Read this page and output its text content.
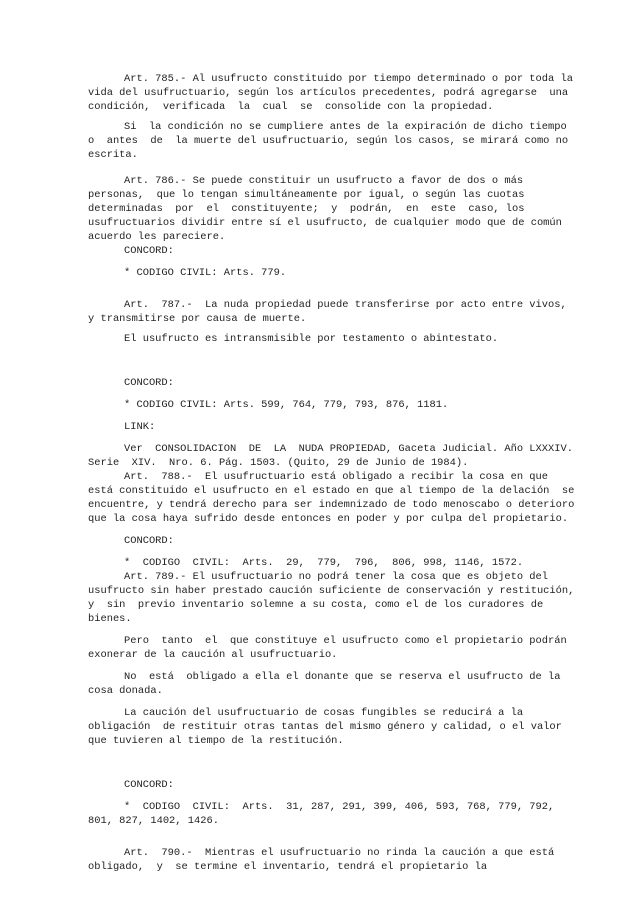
Art. 785.- Al usufructo constituido por tiempo determinado o por toda la
vida del usufructuario, según los artículos precedentes, podrá agregarse  una
condición,  verificada  la  cual  se  consolide con la propiedad.
Si  la condición no se cumpliere antes de la expiración de dicho tiempo
o  antes  de  la muerte del usufructuario, según los casos, se mirará como no
escrita.
Art. 786.- Se puede constituir un usufructo a favor de dos o más
personas,  que lo tengan simultáneamente por igual, o según las cuotas
determinadas  por  el  constituyente;  y  podrán,  en  este  caso, los
usufructuarios dividir entre sí el usufructo, de cualquier modo que de común
acuerdo les pareciere.
CONCORD:
* CODIGO CIVIL: Arts. 779.
Art.  787.-  La nuda propiedad puede transferirse por acto entre vivos,
y transmitirse por causa de muerte.
El usufructo es intransmisible por testamento o abintestato.
CONCORD:
* CODIGO CIVIL: Arts. 599, 764, 779, 793, 876, 1181.
LINK:
Ver  CONSOLIDACION  DE  LA  NUDA PROPIEDAD, Gaceta Judicial. Año LXXXIV.
Serie  XIV.  Nro. 6. Pág. 1503. (Quito, 29 de Junio de 1984).
Art.  788.-  El usufructuario está obligado a recibir la cosa en que
está constituido el usufructo en el estado en que al tiempo de la delación  se
encuentre, y tendrá derecho para ser indemnizado de todo menoscabo o deterioro
que la cosa haya sufrido desde entonces en poder y por culpa del propietario.
CONCORD:
*  CODIGO  CIVIL:  Arts.  29,  779,  796,  806, 998, 1146, 1572.
Art. 789.- El usufructuario no podrá tener la cosa que es objeto del
usufructo sin haber prestado caución suficiente de conservación y restitución,
y  sin  previo inventario solemne a su costa, como el de los curadores de
bienes.
Pero  tanto  el  que constituye el usufructo como el propietario podrán
exonerar de la caución al usufructuario.
No  está  obligado a ella el donante que se reserva el usufructo de la
cosa donada.
La caución del usufructuario de cosas fungibles se reducirá a la
obligación  de restituir otras tantas del mismo género y calidad, o el valor
que tuvieren al tiempo de la restitución.
CONCORD:
*  CODIGO  CIVIL:  Arts.  31, 287, 291, 399, 406, 593, 768, 779, 792,
801, 827, 1402, 1426.
Art.  790.-  Mientras el usufructuario no rinda la caución a que está
obligado,  y  se termine el inventario, tendrá el propietario la
